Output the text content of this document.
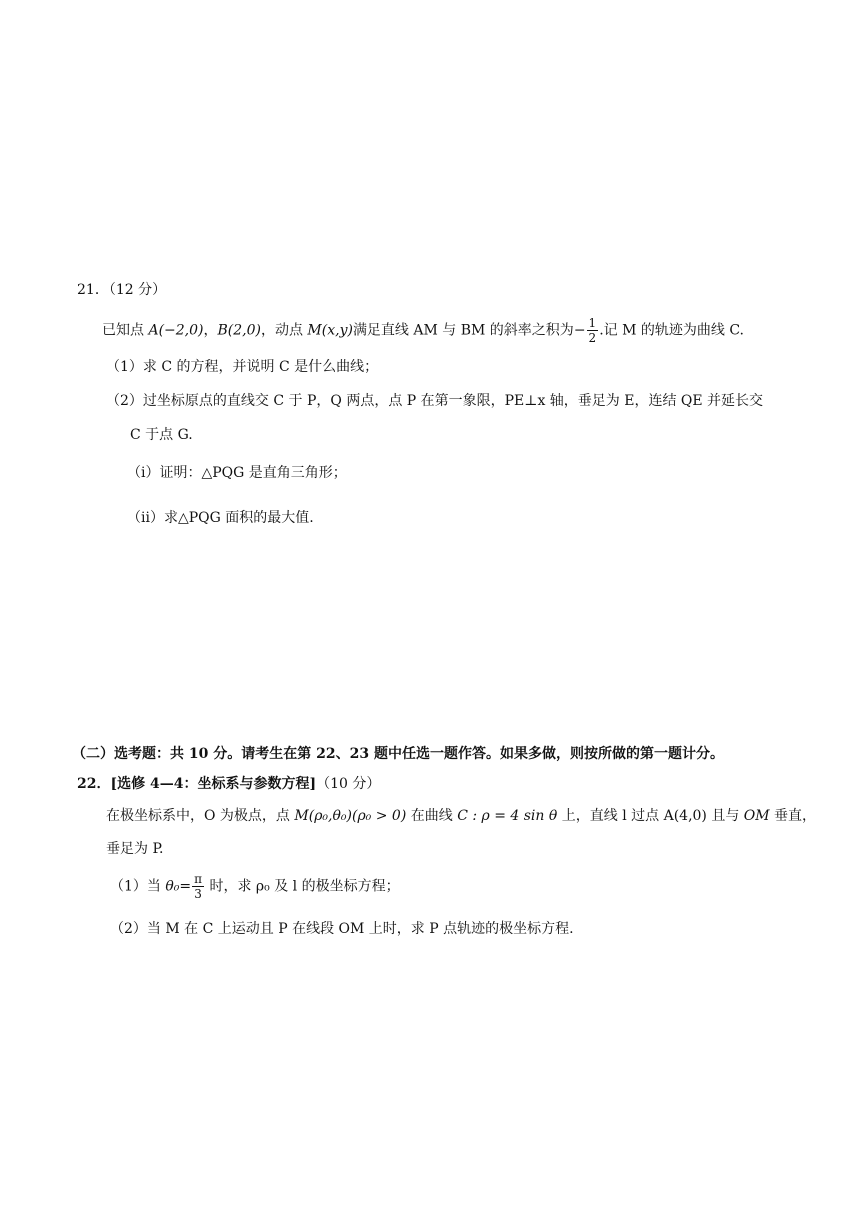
21．（12 分）
已知点 A(−2,0)，B(2,0)，动点 M(x,y)满足直线 AM 与 BM 的斜率之积为− $\frac{1}{2}$ .记 M 的轨迹为曲线 C.
（1）求 C 的方程，并说明 C 是什么曲线；
（2）过坐标原点的直线交 C 于 P，Q 两点，点 P 在第一象限，PE⊥x 轴，垂足为 E，连结 QE 并延长交
C 于点 G.
（i）证明：△PQG 是直角三角形；
（ii）求△PQG 面积的最大值.
（二）选考题：共 10 分。请考生在第 22、23 题中任选一题作答。如果多做，则按所做的第一题计分。
22．[选修 4—4：坐标系与参数方程]（10 分）
在极坐标系中，O 为极点，点 M(ρ₀,θ₀)(ρ₀ > 0) 在曲线 C : ρ = 4 sin θ 上，直线 l 过点 A(4,0) 且与 OM 垂直，
垂足为 P.
（1）当 $\theta_0= \frac{\pi}{3}$ 时，求 ρ₀ 及 l 的极坐标方程；
（2）当 M 在 C 上运动且 P 在线段 OM 上时，求 P 点轨迹的极坐标方程.
